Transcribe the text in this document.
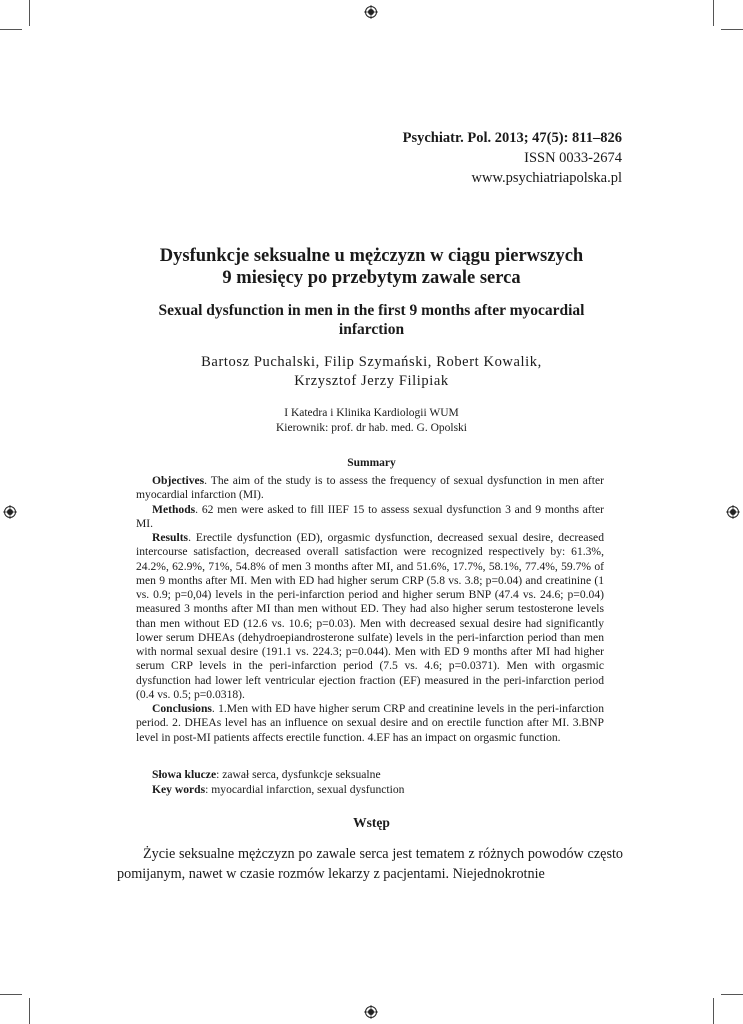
Psychiatr. Pol. 2013; 47(5): 811–826
ISSN 0033-2674
www.psychiatriapolska.pl
Dysfunkcje seksualne u mężczyzn w ciągu pierwszych
9 miesięcy po przebytym zawale serca
Sexual dysfunction in men in the first 9 months after myocardial
infarction
Bartosz Puchalski, Filip Szymański, Robert Kowalik,
Krzysztof Jerzy Filipiak
I Katedra i Klinika Kardiologii WUM
Kierownik: prof. dr hab. med. G. Opolski
Summary

Objectives. The aim of the study is to assess the frequency of sexual dysfunction in men after myocardial infarction (MI).

Methods. 62 men were asked to fill IIEF 15 to assess sexual dysfunction 3 and 9 months after MI.

Results. Erectile dysfunction (ED), orgasmic dysfunction, decreased sexual desire, decreased intercourse satisfaction, decreased overall satisfaction were recognized respectively by: 61.3%, 24.2%, 62.9%, 71%, 54.8% of men 3 months after MI, and 51.6%, 17.7%, 58.1%, 77.4%, 59.7% of men 9 months after MI. Men with ED had higher serum CRP (5.8 vs. 3.8; p=0.04) and creatinine (1 vs. 0.9; p=0,04) levels in the peri-infarction period and higher serum BNP (47.4 vs. 24.6; p=0.04) measured 3 months after MI than men without ED. They had also higher serum testosterone levels than men without ED (12.6 vs. 10.6; p=0.03). Men with decreased sexual desire had significantly lower serum DHEAs (dehydroepiandrosterone sulfate) levels in the peri-infarction period than men with normal sexual desire (191.1 vs. 224.3; p=0.044). Men with ED 9 months after MI had higher serum CRP levels in the peri-infarction period (7.5 vs. 4.6; p=0.0371). Men with orgasmic dysfunction had lower left ventricular ejection fraction (EF) measured in the peri-infarction period (0.4 vs. 0.5; p=0.0318).

Conclusions. 1.Men with ED have higher serum CRP and creatinine levels in the peri-infarction period. 2. DHEAs level has an influence on sexual desire and on erectile function after MI. 3.BNP level in post-MI patients affects erectile function. 4.EF has an impact on orgasmic function.

Słowa klucze: zawał serca, dysfunkcje seksualne

Key words: myocardial infarction, sexual dysfunction

Wstęp

Życie seksualne mężczyzn po zawale serca jest tematem z różnych powodów często pomijanym, nawet w czasie rozmów lekarzy z pacjentami. Niejednokrotnie
